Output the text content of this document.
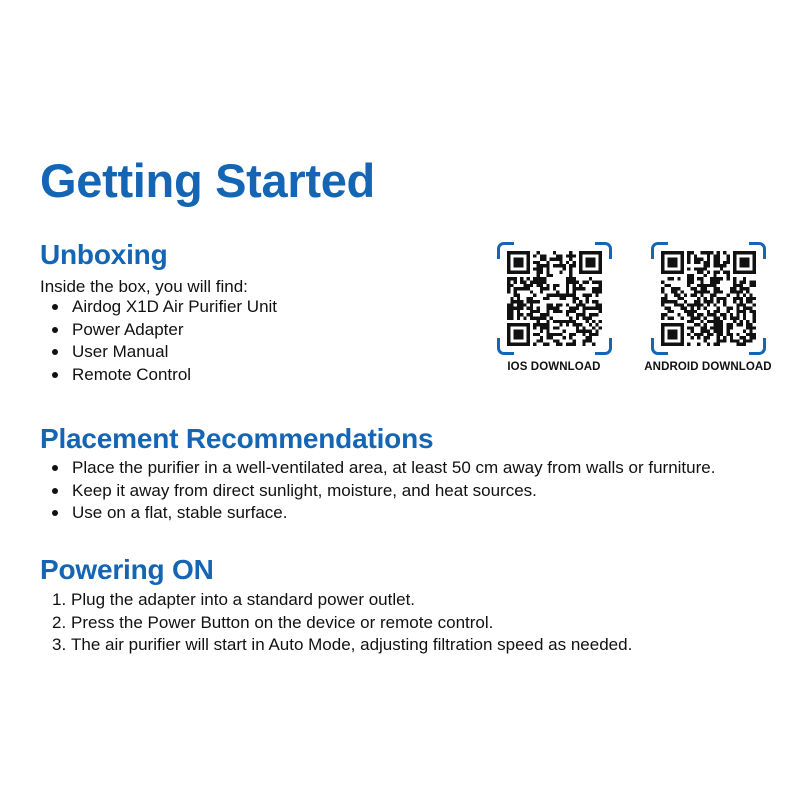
Getting Started
Unboxing

Inside the box, you will find:

Airdog X1D Air Purifier Unit
Power Adapter
User Manual
Remote Control	IOS DOWNLOAD	ANDROID DOWNLOAD
Placement Recommendations
Place the purifier in a well-ventilated area, at least 50 cm away from walls or furniture.
Keep it away from direct sunlight, moisture, and heat sources.
Use on a flat, stable surface.
Powering ON
1. Plug the adapter into a standard power outlet.
2. Press the Power Button on the device or remote control.
3. The air purifier will start in Auto Mode, adjusting filtration speed as needed.
